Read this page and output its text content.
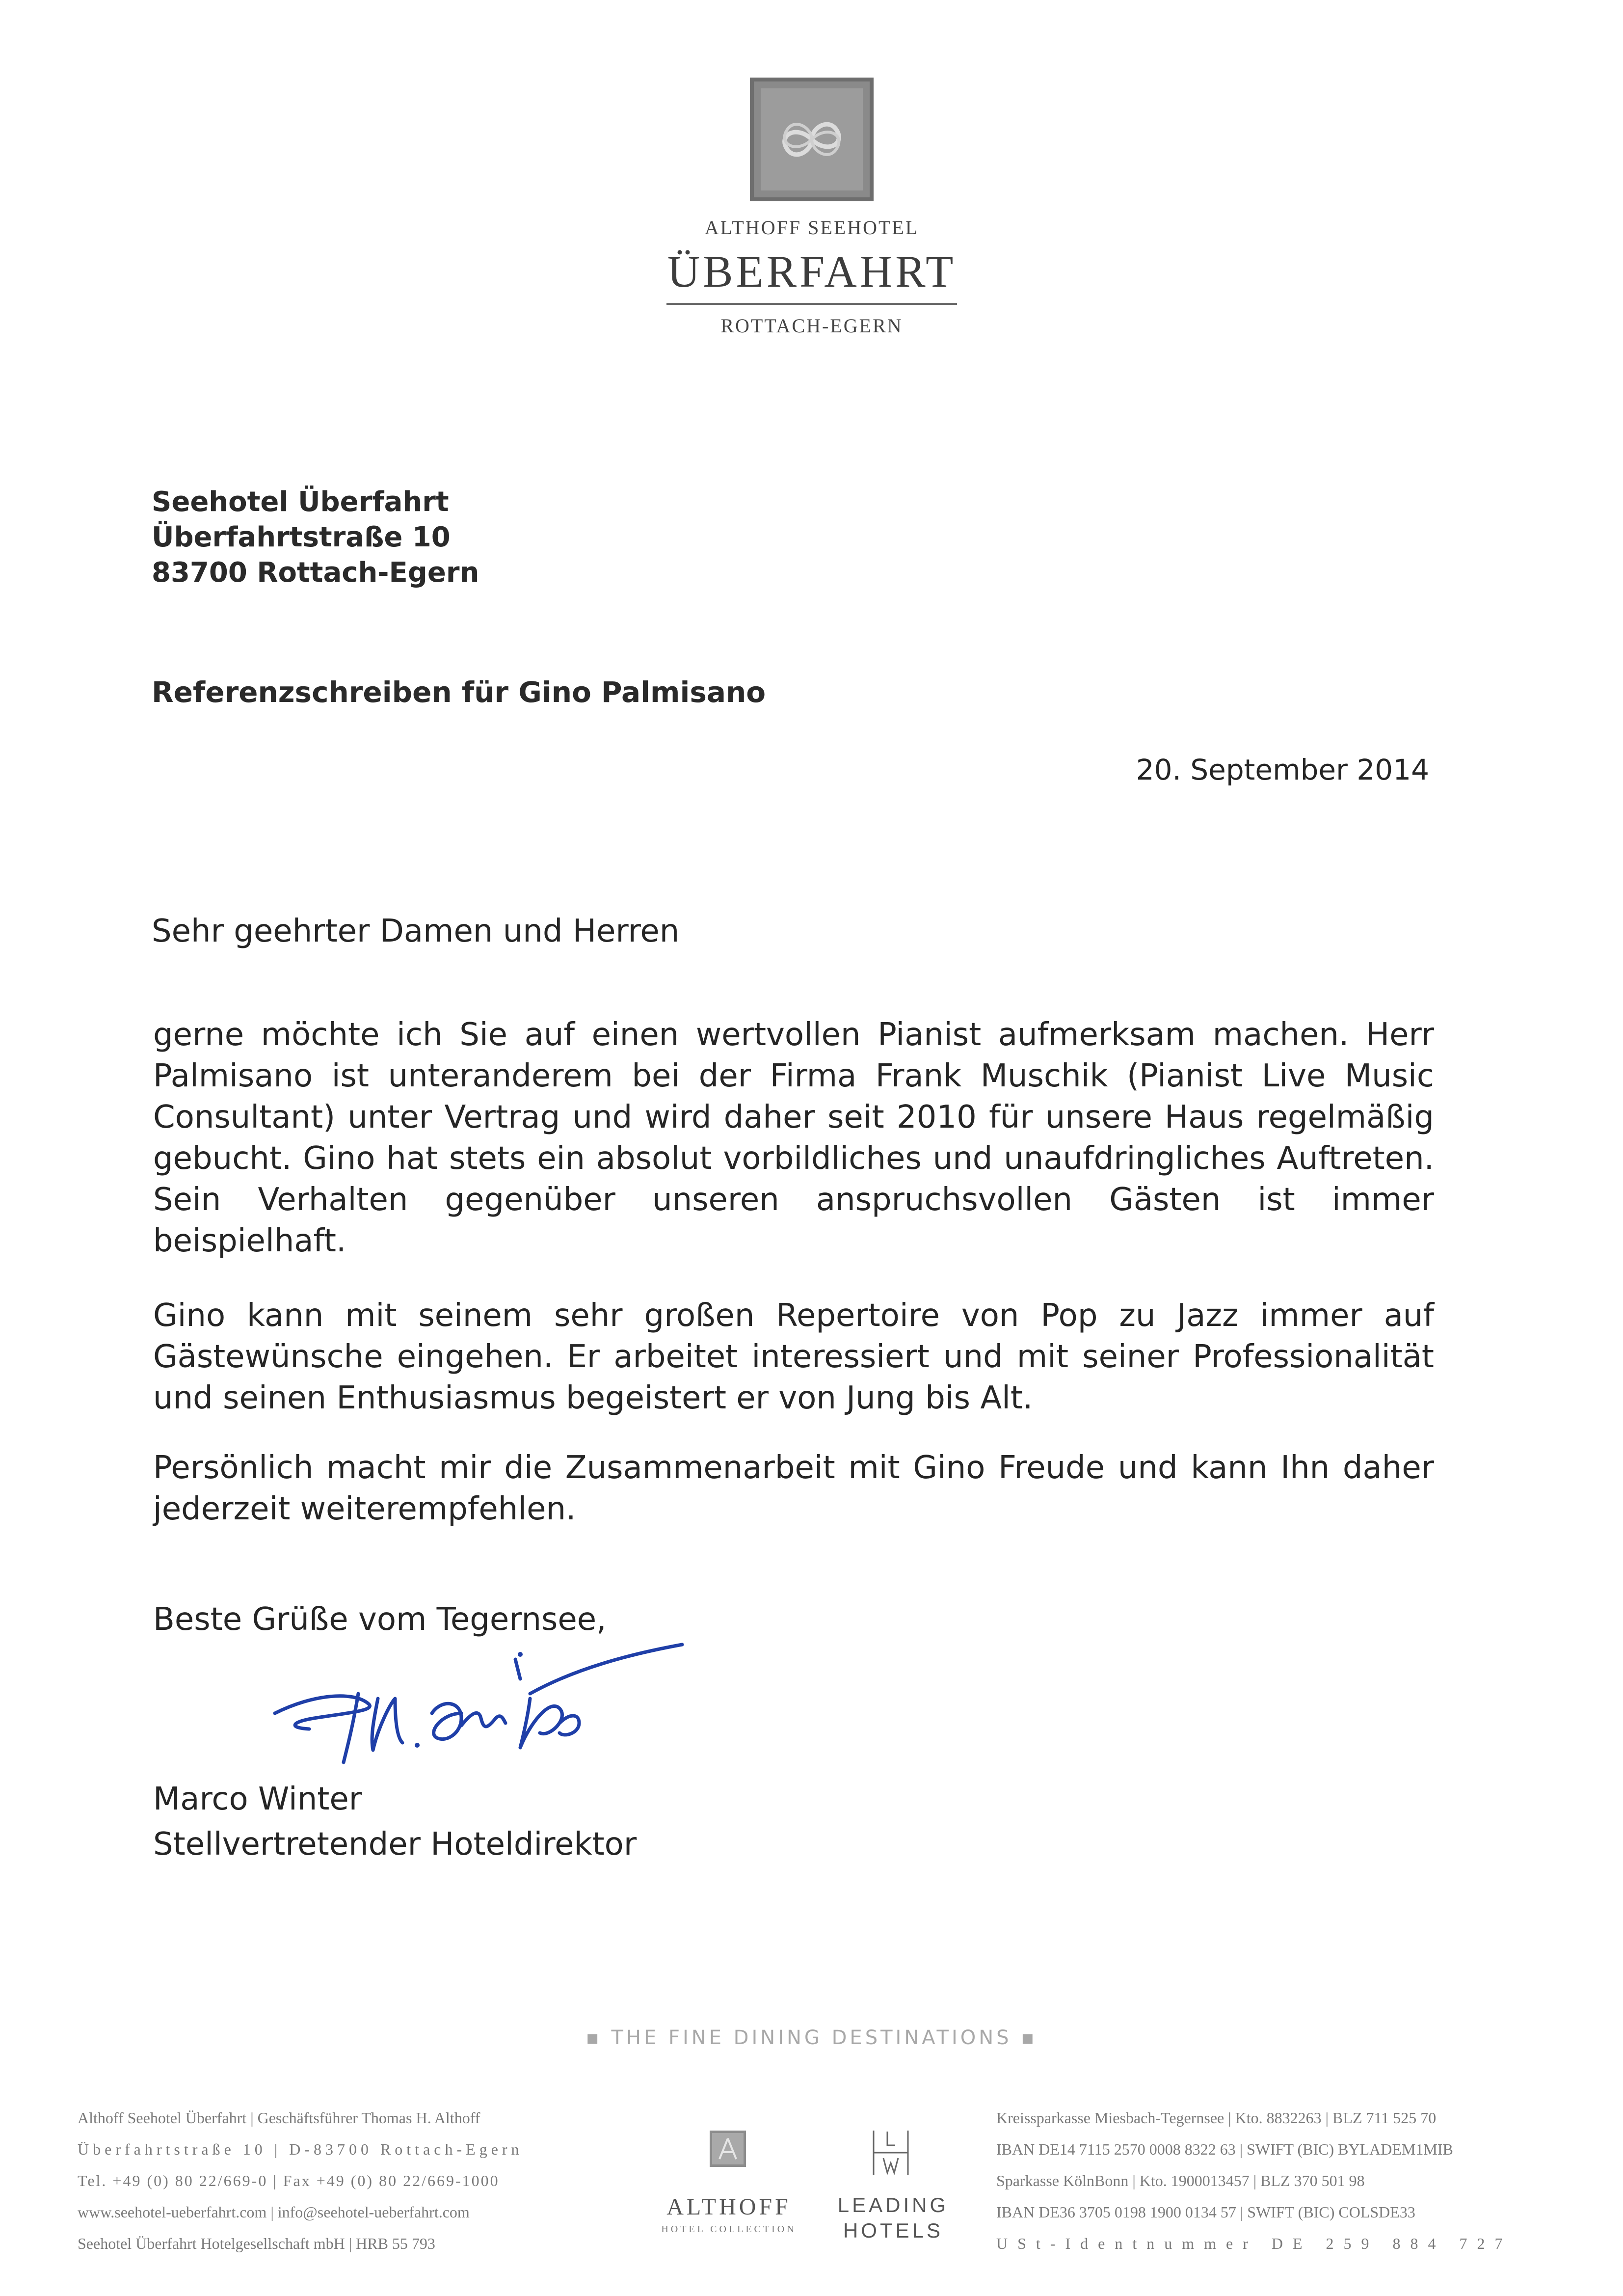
ALTHOFF SEEHOTEL
ÜBERFAHRT
ROTTACH-EGERN
Seehotel Überfahrt
Überfahrtstraße 10
83700 Rottach-Egern
Referenzschreiben für Gino Palmisano
20. September 2014
Sehr geehrter Damen und Herren
gerne möchte ich Sie auf einen wertvollen Pianist aufmerksam machen. Herr Palmisano ist unteranderem bei der Firma Frank Muschik (Pianist Live Music Consultant) unter Vertrag und wird daher seit 2010 für unsere Haus regelmäßig gebucht. Gino hat stets ein absolut vorbildliches und unaufdringliches Auftreten. Sein Verhalten gegenüber unseren anspruchsvollen Gästen ist immer beispielhaft.
Gino kann mit seinem sehr großen Repertoire von Pop zu Jazz immer auf Gästewünsche eingehen. Er arbeitet interessiert und mit seiner Professionalität und seinen Enthusiasmus begeistert er von Jung bis Alt.
Persönlich macht mir die Zusammenarbeit mit Gino Freude und kann Ihn daher jederzeit weiterempfehlen.
Beste Grüße vom Tegernsee,
Marco Winter
Stellvertretender Hoteldirektor
▪ THE FINE DINING DESTINATIONS ▪
Althoff Seehotel Überfahrt | Geschäftsführer Thomas H. Althoff
Überfahrtstraße 10 | D-83700 Rottach-Egern
Tel. +49 (0) 80 22/669-0 | Fax +49 (0) 80 22/669-1000
www.seehotel-ueberfahrt.com | info@seehotel-ueberfahrt.com
Seehotel Überfahrt Hotelgesellschaft mbH | HRB 55 793
ALTHOFF
HOTEL COLLECTION
LEADING
HOTELS
Kreissparkasse Miesbach-Tegernsee | Kto. 8832263 | BLZ 711 525 70
IBAN DE14 7115 2570 0008 8322 63 | SWIFT (BIC) BYLADEM1MIB
Sparkasse KölnBonn | Kto. 1900013457 | BLZ 370 501 98
IBAN DE36 3705 0198 1900 0134 57 | SWIFT (BIC) COLSDE33
USt-Identnummer DE 259 884 727
